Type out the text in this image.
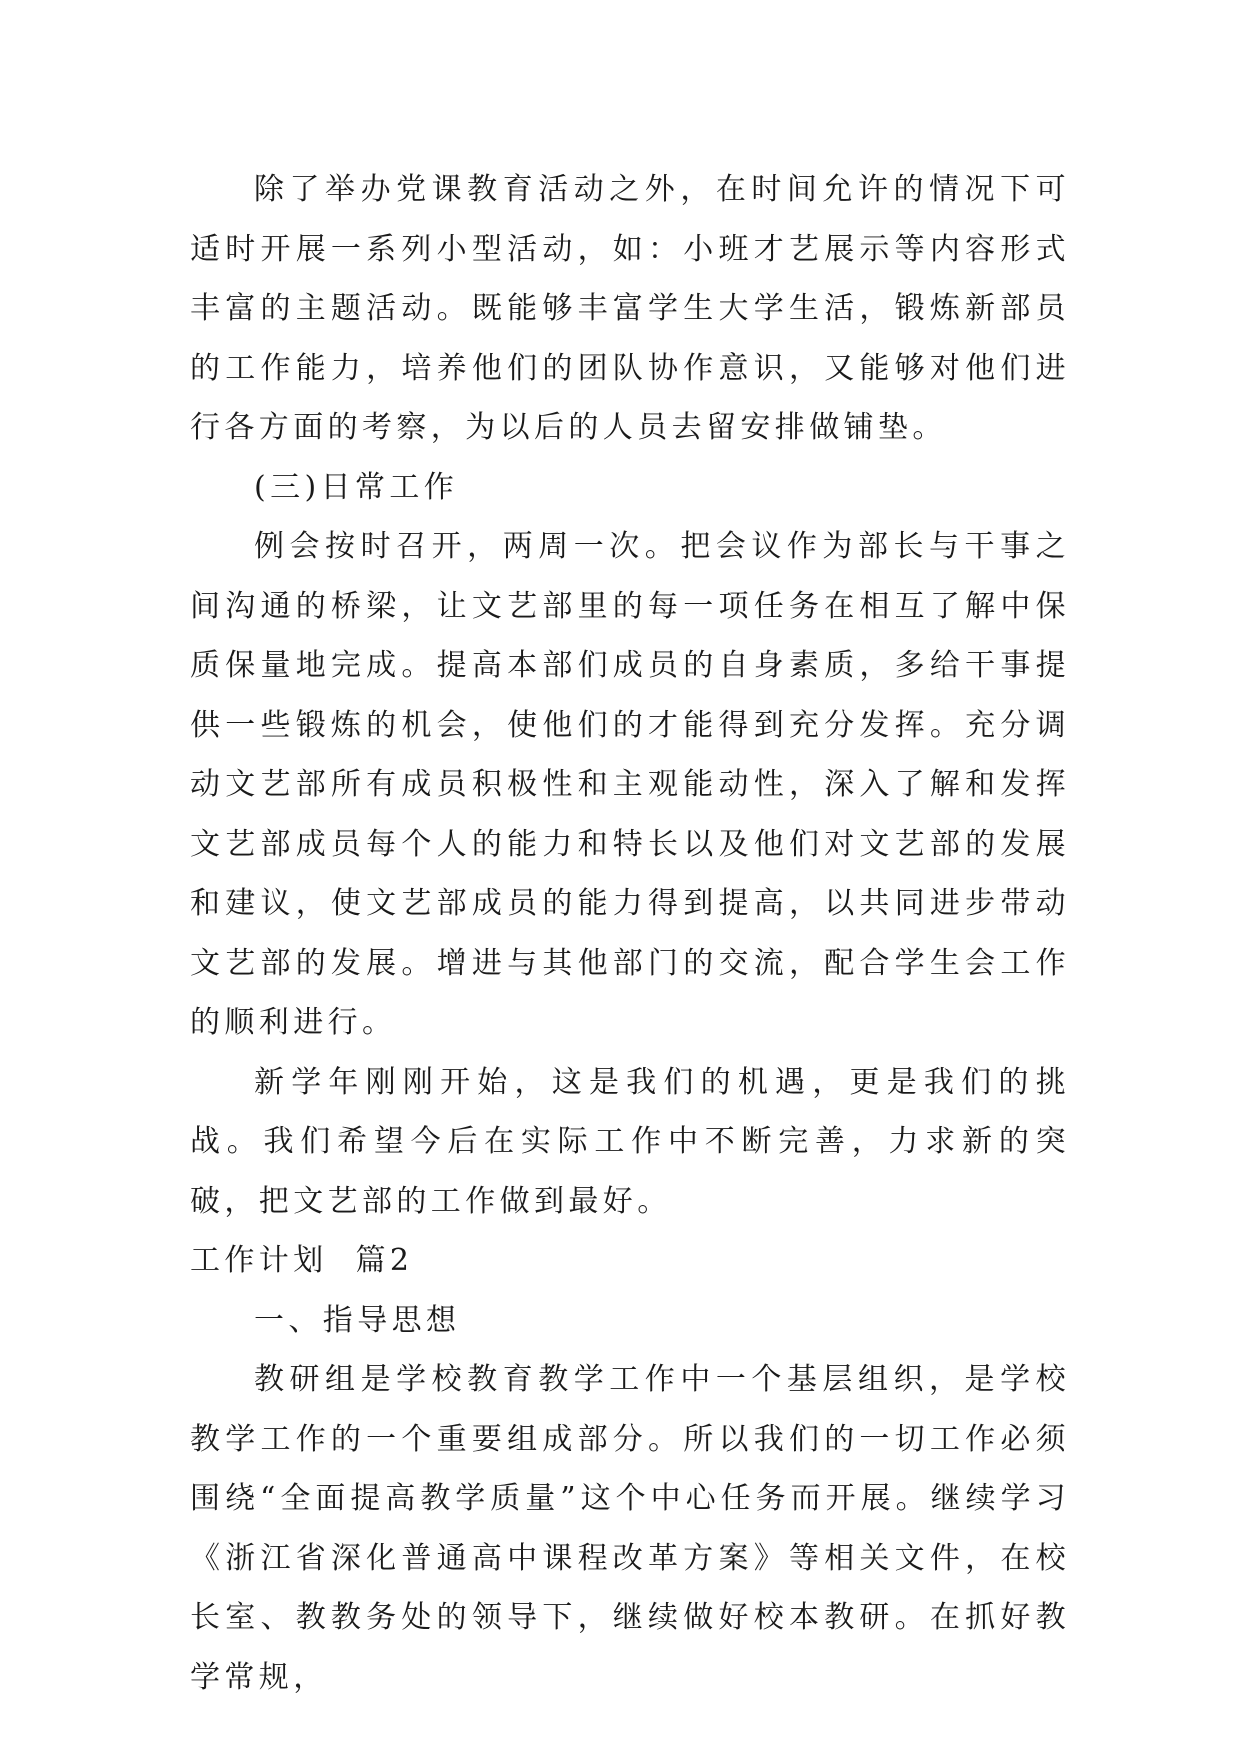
除了举办党课教育活动之外，在时间允许的情况下可适时开展一系列小型活动，如：小班才艺展示等内容形式丰富的主题活动。既能够丰富学生大学生活，锻炼新部员的工作能力，培养他们的团队协作意识，又能够对他们进行各方面的考察，为以后的人员去留安排做铺垫。

(三)日常工作

例会按时召开，两周一次。把会议作为部长与干事之间沟通的桥梁，让文艺部里的每一项任务在相互了解中保质保量地完成。提高本部们成员的自身素质，多给干事提供一些锻炼的机会，使他们的才能得到充分发挥。充分调动文艺部所有成员积极性和主观能动性，深入了解和发挥文艺部成员每个人的能力和特长以及他们对文艺部的发展和建议，使文艺部成员的能力得到提高，以共同进步带动文艺部的发展。增进与其他部门的交流，配合学生会工作的顺利进行。

新学年刚刚开始，这是我们的机遇，更是我们的挑战。我们希望今后在实际工作中不断完善，力求新的突破，把文艺部的工作做到最好。

工作计划  篇2

一、指导思想

教研组是学校教育教学工作中一个基层组织，是学校教学工作的一个重要组成部分。所以我们的一切工作必须围绕“全面提高教学质量”这个中心任务而开展。继续学习《浙江省深化普通高中课程改革方案》等相关文件，在校长室、教教务处的领导下，继续做好校本教研。在抓好教学常规，
